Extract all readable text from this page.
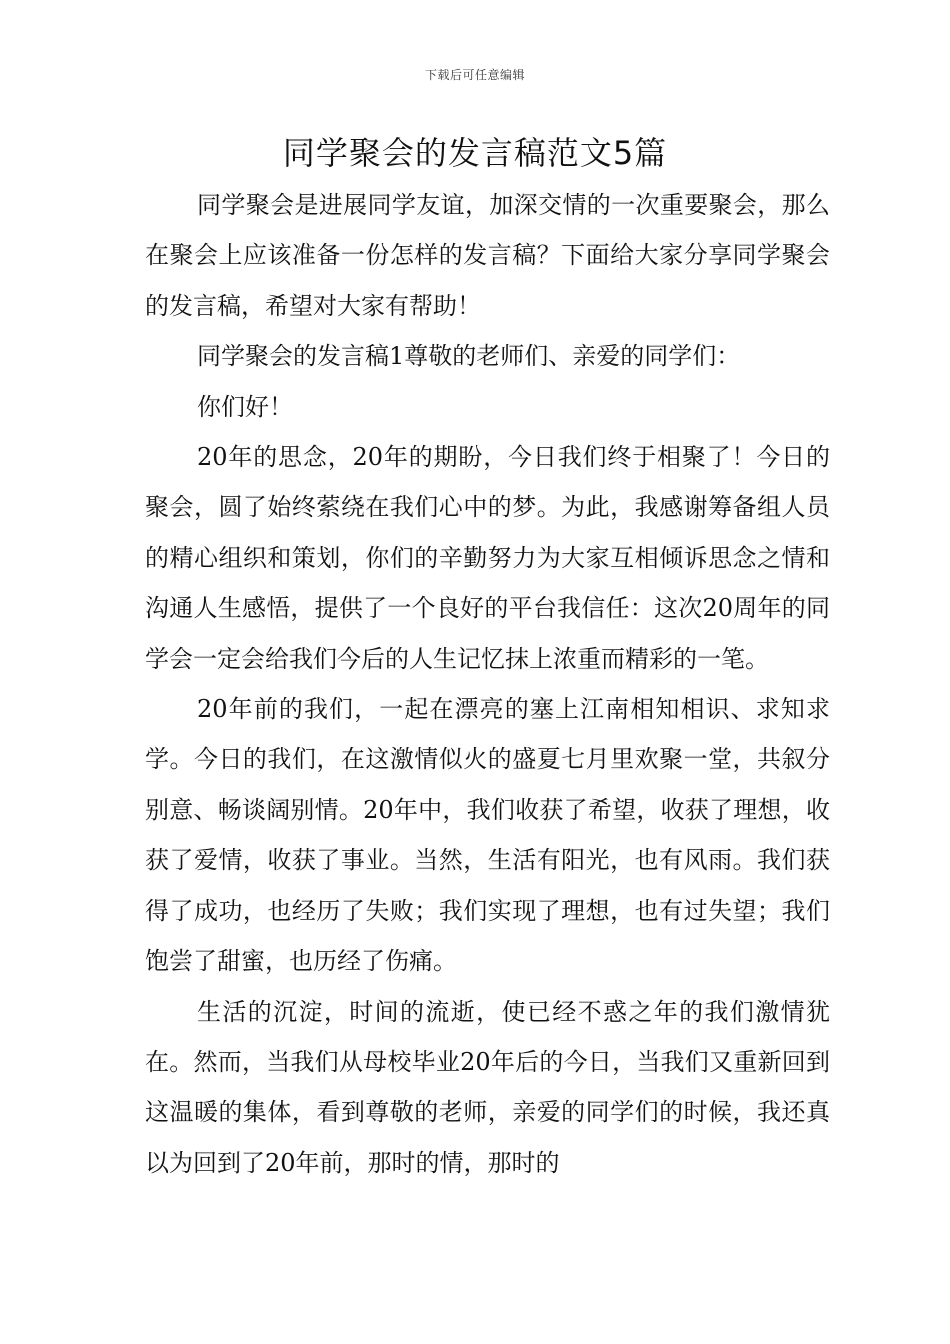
下载后可任意编辑
同学聚会的发言稿范文5篇

同学聚会是进展同学友谊，加深交情的一次重要聚会，那么在聚会上应该准备一份怎样的发言稿？下面给大家分享同学聚会的发言稿，希望对大家有帮助！

同学聚会的发言稿1尊敬的老师们、亲爱的同学们：

你们好！

20年的思念，20年的期盼，今日我们终于相聚了！今日的聚会，圆了始终萦绕在我们心中的梦。为此，我感谢筹备组人员的精心组织和策划，你们的辛勤努力为大家互相倾诉思念之情和沟通人生感悟，提供了一个良好的平台我信任：这次20周年的同学会一定会给我们今后的人生记忆抹上浓重而精彩的一笔。

20年前的我们，一起在漂亮的塞上江南相知相识、求知求学。今日的我们，在这激情似火的盛夏七月里欢聚一堂，共叙分别意、畅谈阔别情。20年中，我们收获了希望，收获了理想，收获了爱情，收获了事业。当然，生活有阳光，也有风雨。我们获得了成功，也经历了失败；我们实现了理想，也有过失望；我们饱尝了甜蜜，也历经了伤痛。

生活的沉淀，时间的流逝，使已经不惑之年的我们激情犹在。然而，当我们从母校毕业20年后的今日，当我们又重新回到这温暖的集体，看到尊敬的老师，亲爱的同学们的时候，我还真以为回到了20年前，那时的情，那时的
